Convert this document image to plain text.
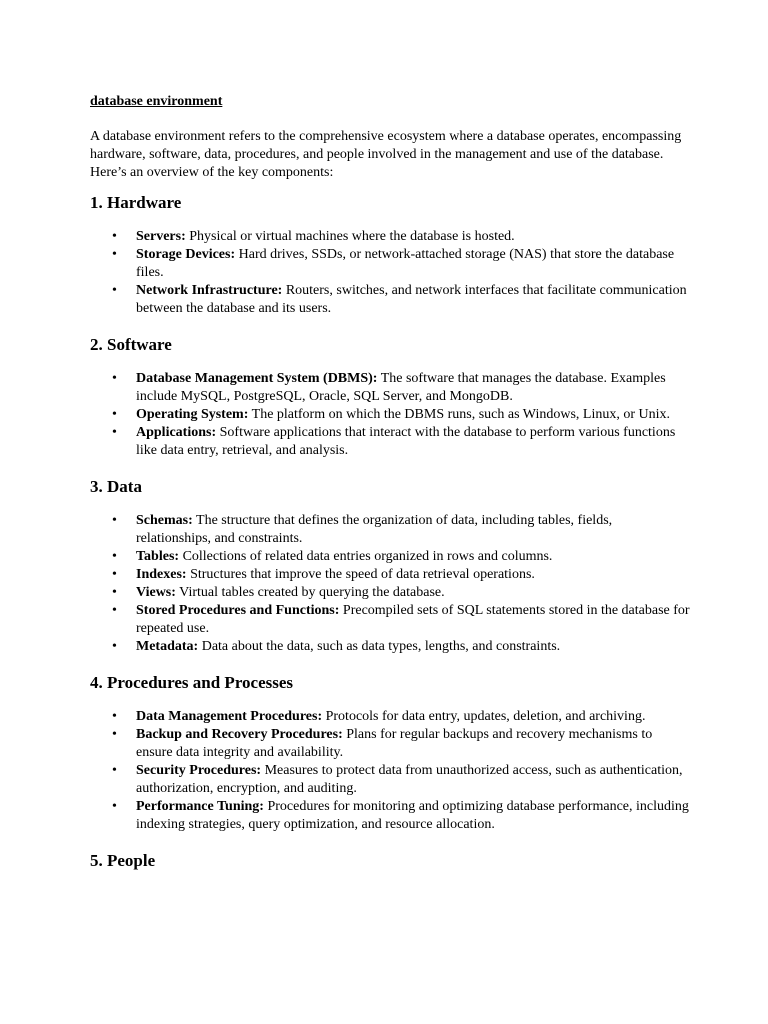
database environment

A database environment refers to the comprehensive ecosystem where a database operates, encompassing hardware, software, data, procedures, and people involved in the management and use of the database. Here’s an overview of the key components:

1. Hardware
• Servers: Physical or virtual machines where the database is hosted.
• Storage Devices: Hard drives, SSDs, or network-attached storage (NAS) that store the database files.
• Network Infrastructure: Routers, switches, and network interfaces that facilitate communication between the database and its users.
2. Software
• Database Management System (DBMS): The software that manages the database. Examples include MySQL, PostgreSQL, Oracle, SQL Server, and MongoDB.
• Operating System: The platform on which the DBMS runs, such as Windows, Linux, or Unix.
• Applications: Software applications that interact with the database to perform various functions like data entry, retrieval, and analysis.
3. Data
• Schemas: The structure that defines the organization of data, including tables, fields, relationships, and constraints.
• Tables: Collections of related data entries organized in rows and columns.
• Indexes: Structures that improve the speed of data retrieval operations.
• Views: Virtual tables created by querying the database.
• Stored Procedures and Functions: Precompiled sets of SQL statements stored in the database for repeated use.
• Metadata: Data about the data, such as data types, lengths, and constraints.
4. Procedures and Processes
• Data Management Procedures: Protocols for data entry, updates, deletion, and archiving.
• Backup and Recovery Procedures: Plans for regular backups and recovery mechanisms to ensure data integrity and availability.
• Security Procedures: Measures to protect data from unauthorized access, such as authentication, authorization, encryption, and auditing.
• Performance Tuning: Procedures for monitoring and optimizing database performance, including indexing strategies, query optimization, and resource allocation.
5. People
